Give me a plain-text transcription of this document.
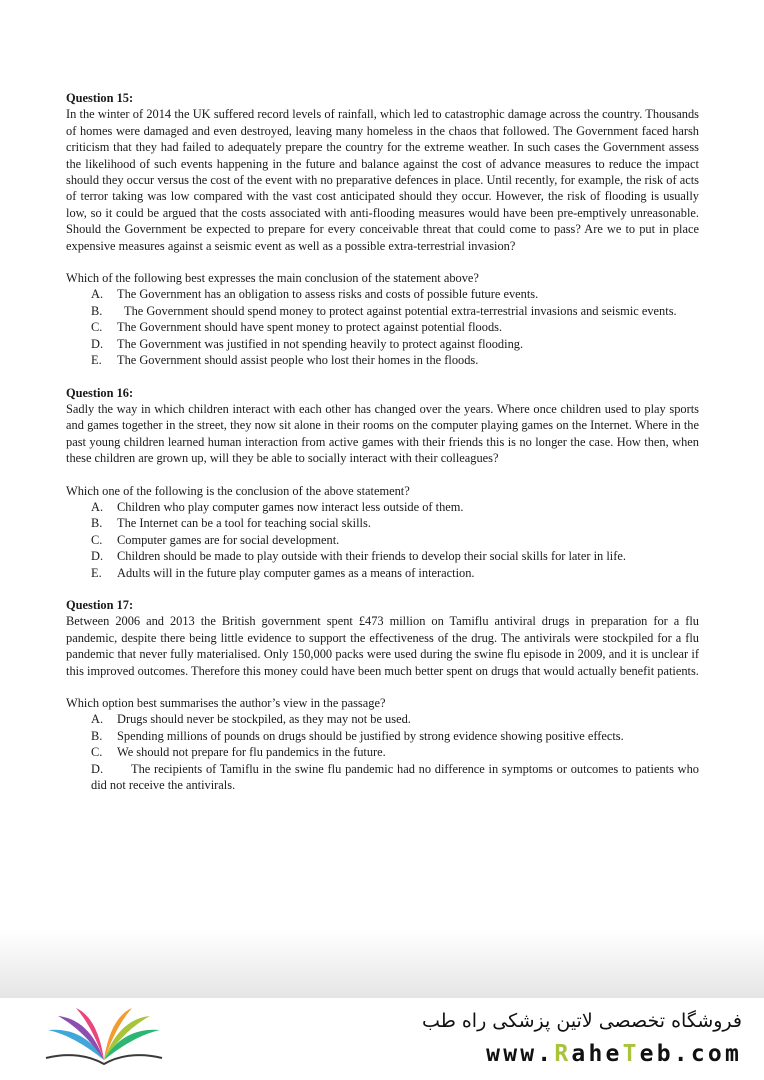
Question 15:

In the winter of 2014 the UK suffered record levels of rainfall, which led to catastrophic damage across the country. Thousands of homes were damaged and even destroyed, leaving many homeless in the chaos that followed. The Government faced harsh criticism that they had failed to adequately prepare the country for the extreme weather. In such cases the Government assess the likelihood of such events happening in the future and balance against the cost of advance measures to reduce the impact should they occur versus the cost of the event with no preparative defences in place. Until recently, for example, the risk of acts of terror taking was low compared with the vast cost anticipated should they occur. However, the risk of flooding is usually low, so it could be argued that the costs associated with anti-flooding measures would have been pre-emptively unreasonable. Should the Government be expected to prepare for every conceivable threat that could come to pass? Are we to put in place expensive measures against a seismic event as well as a possible extra-terrestrial invasion?

Which of the following best expresses the main conclusion of the statement above?

A. The Government has an obligation to assess risks and costs of possible future events.
B. The Government should spend money to protect against potential extra-terrestrial invasions and seismic events.
C. The Government should have spent money to protect against potential floods.
D. The Government was justified in not spending heavily to protect against flooding.
E. The Government should assist people who lost their homes in the floods.

Question 16:

Sadly the way in which children interact with each other has changed over the years. Where once children used to play sports and games together in the street, they now sit alone in their rooms on the computer playing games on the Internet. Where in the past young children learned human interaction from active games with their friends this is no longer the case. How then, when these children are grown up, will they be able to socially interact with their colleagues?

Which one of the following is the conclusion of the above statement?

A. Children who play computer games now interact less outside of them.
B. The Internet can be a tool for teaching social skills.
C. Computer games are for social development.
D. Children should be made to play outside with their friends to develop their social skills for later in life.
E. Adults will in the future play computer games as a means of interaction.

Question 17:

Between 2006 and 2013 the British government spent £473 million on Tamiflu antiviral drugs in preparation for a flu pandemic, despite there being little evidence to support the effectiveness of the drug. The antivirals were stockpiled for a flu pandemic that never fully materialised. Only 150,000 packs were used during the swine flu episode in 2009, and it is unclear if this improved outcomes. Therefore this money could have been much better spent on drugs that would actually benefit patients.

Which option best summarises the author’s view in the passage?

A. Drugs should never be stockpiled, as they may not be used.
B. Spending millions of pounds on drugs should be justified by strong evidence showing positive effects.
C. We should not prepare for flu pandemics in the future.
D. The recipients of Tamiflu in the swine flu pandemic had no difference in symptoms or outcomes to patients who did not receive the antivirals.
فروشگاه تخصصی لاتین پزشکی راه طب
www.RaheTeb.com
